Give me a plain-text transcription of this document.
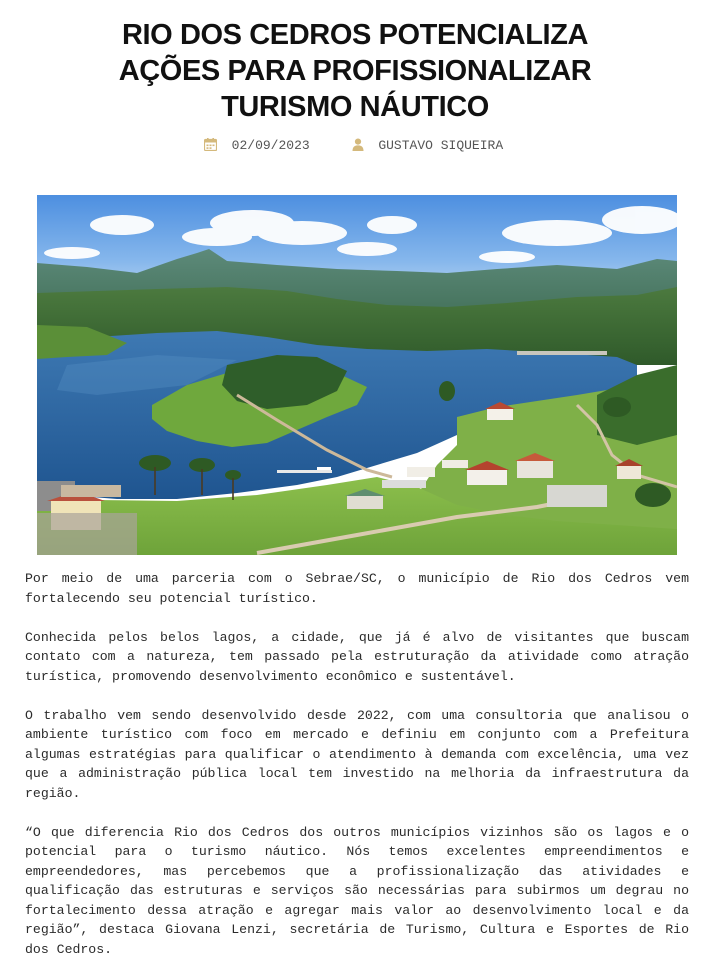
RIO DOS CEDROS POTENCIALIZA
AÇÕES PARA PROFISSIONALIZAR
TURISMO NÁUTICO
02/09/2023	GUSTAVO SIQUEIRA

Por meio de uma parceria com o Sebrae/SC, o município de Rio dos Cedros vem fortalecendo seu potencial turístico.

Conhecida pelos belos lagos, a cidade, que já é alvo de visitantes que buscam contato com a natureza, tem passado pela estruturação da atividade como atração turística, promovendo desenvolvimento econômico e sustentável.

O trabalho vem sendo desenvolvido desde 2022, com uma consultoria que analisou o ambiente turístico com foco em mercado e definiu em conjunto com a Prefeitura algumas estratégias para qualificar o atendimento à demanda com excelência, uma vez que a administração pública local tem investido na melhoria da infraestrutura da região.

“O que diferencia Rio dos Cedros dos outros municípios vizinhos são os lagos e o potencial para o turismo náutico. Nós temos excelentes empreendimentos e empreendedores, mas percebemos que a profissionalização das atividades e qualificação das estruturas e serviços são necessárias para subirmos um degrau no fortalecimento dessa atração e agregar mais valor ao desenvolvimento local e da região”, destaca Giovana Lenzi, secretária de Turismo, Cultura e Esportes de Rio dos Cedros.
